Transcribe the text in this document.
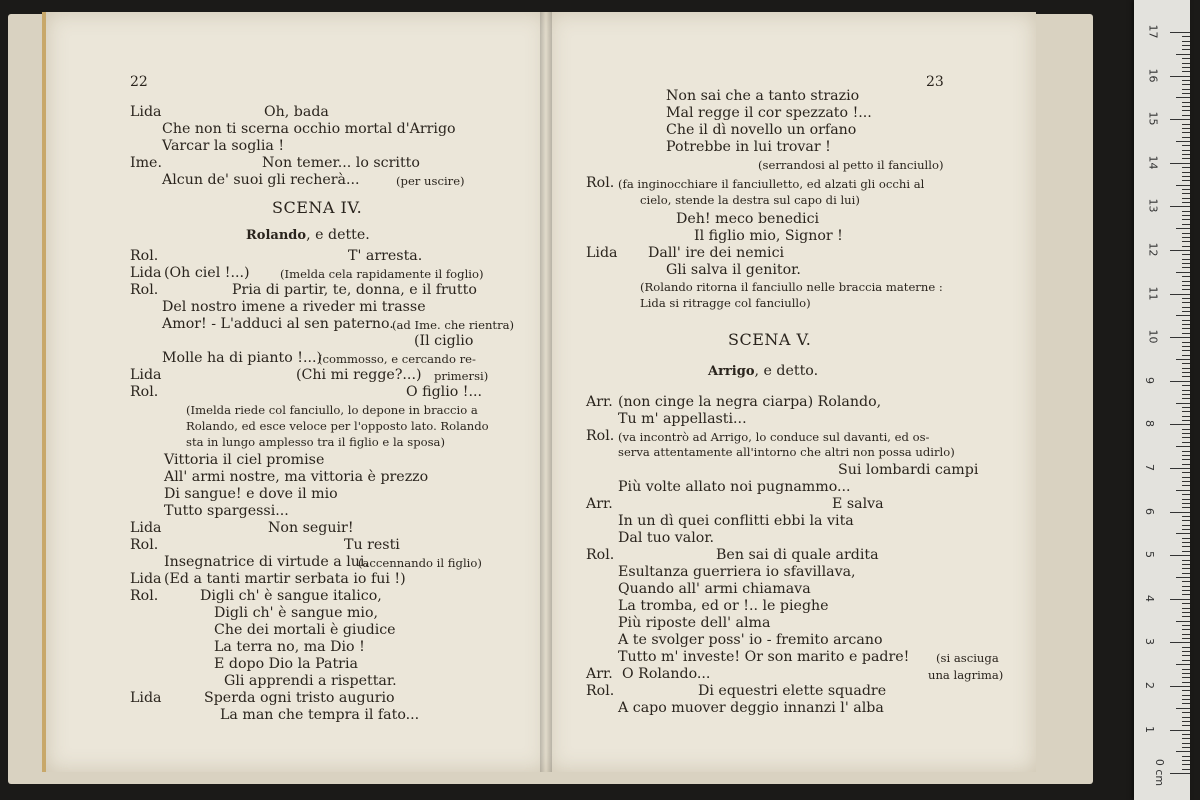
22
Lida	Oh, bada
Che non ti scerna occhio mortal d'Arrigo
Varcar la soglia !
Ime.	Non temer... lo scritto
Alcun de' suoi gli recherà...	(per uscire)
SCENA IV.
Rolando, e dette.
Rol.	T' arresta.
Lida (Oh ciel !...)	(Imelda cela rapidamente il foglio)
Rol.	Pria di partir, te, donna, e il frutto
Del nostro imene a riveder mi trasse
Amor! - L'adduci al sen paterno.
(ad Ime. che rientra)
(Il ciglio
Molle ha di pianto !...)
(commosso, e cercando re-
Lida	(Chi mi regge?...) primersi)
Rol.	O figlio !...
(Imelda riede col fanciullo, lo depone in braccio a
Rolando, ed esce veloce per l'opposto lato. Rolando
sta in lungo amplesso tra il figlio e la sposa)
Vittoria il ciel promise
All' armi nostre, ma vittoria è prezzo
Di sangue! e dove il mio
Tutto spargessi...
Lida	Non seguir!
Rol.	Tu resti
Insegnatrice di virtude a lui.
(accennando il figlio)
Lida (Ed a tanti martir serbata io fui !)
Rol.	Digli ch' è sangue italico,
Digli ch' è sangue mio,
Che dei mortali è giudice
La terra no, ma Dio !
E dopo Dio la Patria
Gli apprendi a rispettar.
Lida	Sperda ogni tristo augurio
La man che tempra il fato...
23
Non sai che a tanto strazio
Mal regge il cor spezzato !...
Che il dì novello un orfano
Potrebbe in lui trovar !
(serrandosi al petto il fanciullo)
Rol. (fa inginocchiare il fanciulletto, ed alzati gli occhi al
cielo, stende la destra sul capo di lui)
Deh! meco benedici
Il figlio mio, Signor !
Lida Dall' ire dei nemici
Gli salva il genitor.
(Rolando ritorna il fanciullo nelle braccia materne :
Lida si ritragge col fanciullo)
SCENA V.
Arrigo, e detto.
Arr. (non cinge la negra ciarpa) Rolando,
Tu m' appellasti...
Rol. (va incontrò ad Arrigo, lo conduce sul davanti, ed os-
serva attentamente all'intorno che altri non possa udirlo)
Sui lombardi campi
Più volte allato noi pugnammo...
Arr.	E salva
In un dì quei conflitti ebbi la vita
Dal tuo valor.
Rol.	Ben sai di quale ardita
Esultanza guerriera io sfavillava,
Quando all' armi chiamava
La tromba, ed or !.. le pieghe
Più riposte dell' alma
A te svolger poss' io - fremito arcano
Tutto m' investe! Or son marito e padre! (si asciuga
Arr. O Rolando...	una lagrima)
Rol.	Di equestri elette squadre
A capo muover deggio innanzi l' alba
17
16
15
14
13
12
11
10
9
8
7
6
5
4
3
2
1
0 cm
